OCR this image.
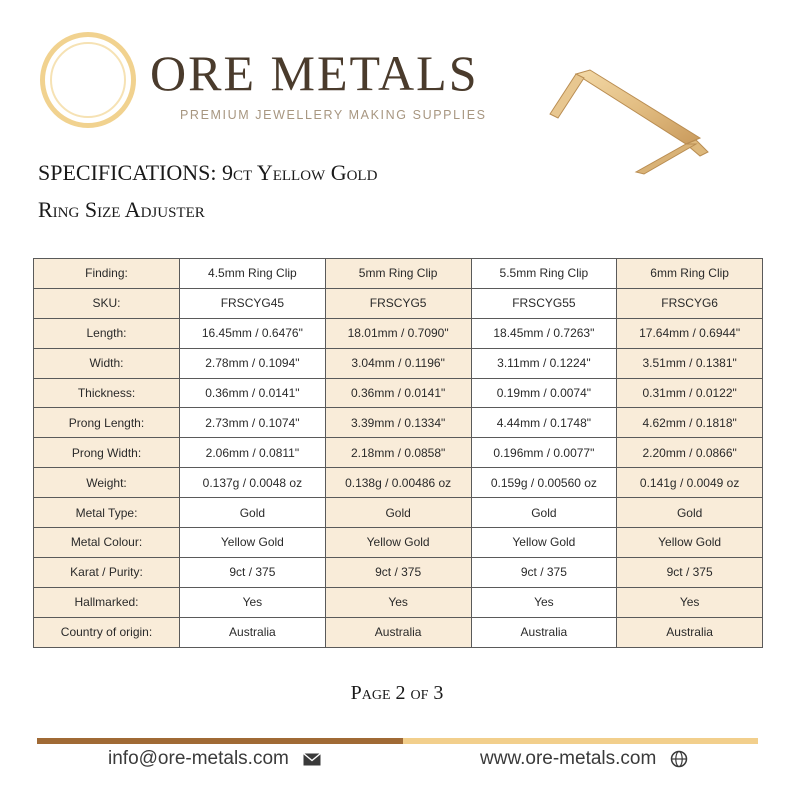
ORE METALS
PREMIUM JEWELLERY MAKING SUPPLIES
SPECIFICATIONS: 9ct Yellow Gold
Ring Size Adjuster
Finding:	4.5mm Ring Clip	5mm Ring Clip	5.5mm Ring Clip	6mm Ring Clip
SKU:	FRSCYG45	FRSCYG5	FRSCYG55	FRSCYG6
Length:	16.45mm / 0.6476"	18.01mm / 0.7090"	18.45mm / 0.7263"	17.64mm / 0.6944"
Width:	2.78mm / 0.1094"	3.04mm / 0.1196"	3.11mm / 0.1224"	3.51mm / 0.1381"
Thickness:	0.36mm / 0.0141"	0.36mm / 0.0141"	0.19mm / 0.0074"	0.31mm / 0.0122"
Prong Length:	2.73mm / 0.1074"	3.39mm / 0.1334"	4.44mm / 0.1748"	4.62mm / 0.1818"
Prong Width:	2.06mm / 0.0811"	2.18mm / 0.0858"	0.196mm / 0.0077"	2.20mm / 0.0866"
Weight:	0.137g / 0.0048 oz	0.138g / 0.00486 oz	0.159g / 0.00560 oz	0.141g / 0.0049 oz
Metal Type:	Gold	Gold	Gold	Gold
Metal Colour:	Yellow Gold	Yellow Gold	Yellow Gold	Yellow Gold
Karat / Purity:	9ct / 375	9ct / 375	9ct / 375	9ct / 375
Hallmarked:	Yes	Yes	Yes	Yes
Country of origin:	Australia	Australia	Australia	Australia
Page 2 of 3
info@ore-metals.com	www.ore-metals.com
